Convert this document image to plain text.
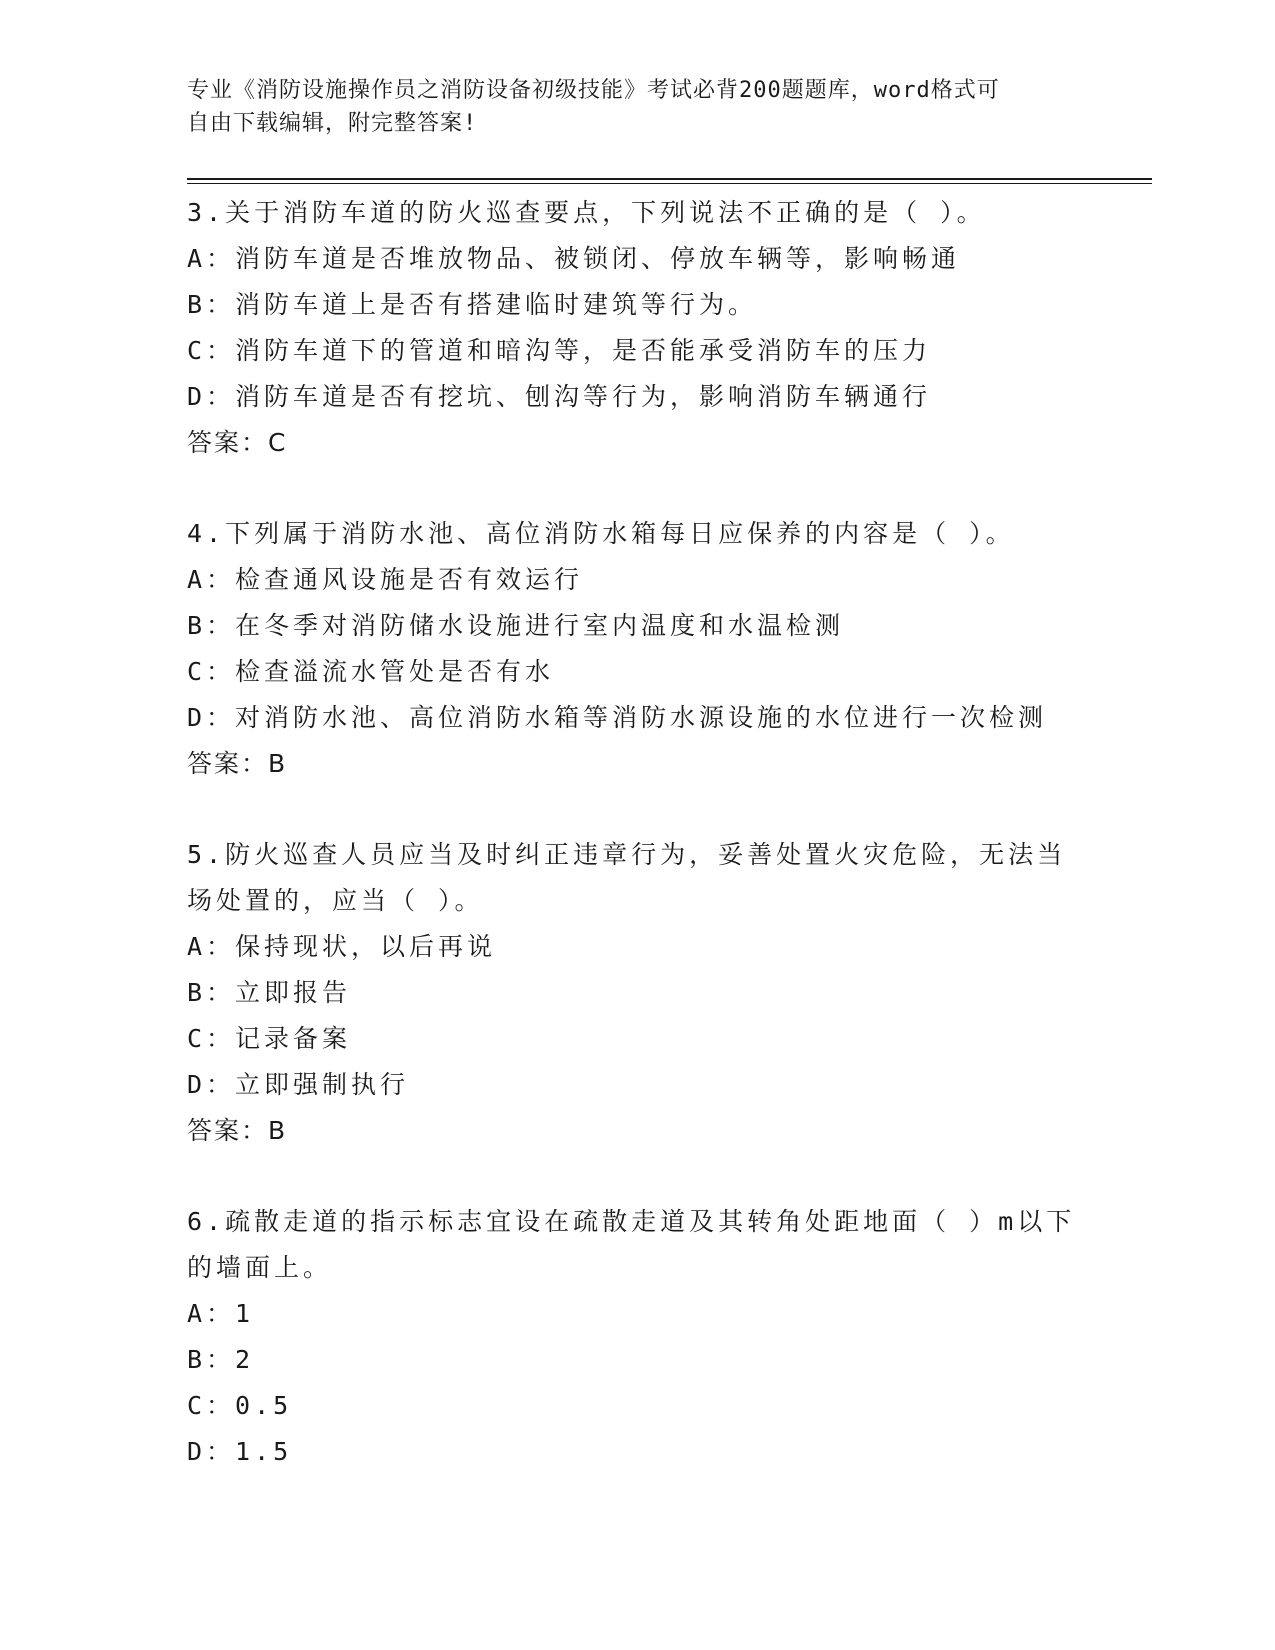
专业《消防设施操作员之消防设备初级技能》考试必背200题题库，word格式可
自由下载编辑，附完整答案!
3.关于消防车道的防火巡查要点，下列说法不正确的是（ ）。
A：消防车道是否堆放物品、被锁闭、停放车辆等，影响畅通
B：消防车道上是否有搭建临时建筑等行为。
C：消防车道下的管道和暗沟等，是否能承受消防车的压力
D：消防车道是否有挖坑、刨沟等行为，影响消防车辆通行
答案：C
4.下列属于消防水池、高位消防水箱每日应保养的内容是（ ）。
A：检查通风设施是否有效运行
B：在冬季对消防储水设施进行室内温度和水温检测
C：检查溢流水管处是否有水
D：对消防水池、高位消防水箱等消防水源设施的水位进行一次检测
答案：B
5.防火巡查人员应当及时纠正违章行为，妥善处置火灾危险，无法当
场处置的，应当（ ）。
A：保持现状，以后再说
B：立即报告
C：记录备案
D：立即强制执行
答案：B
6.疏散走道的指示标志宜设在疏散走道及其转角处距地面（ ）m以下
的墙面上。
A：1
B：2
C：0.5
D：1.5
